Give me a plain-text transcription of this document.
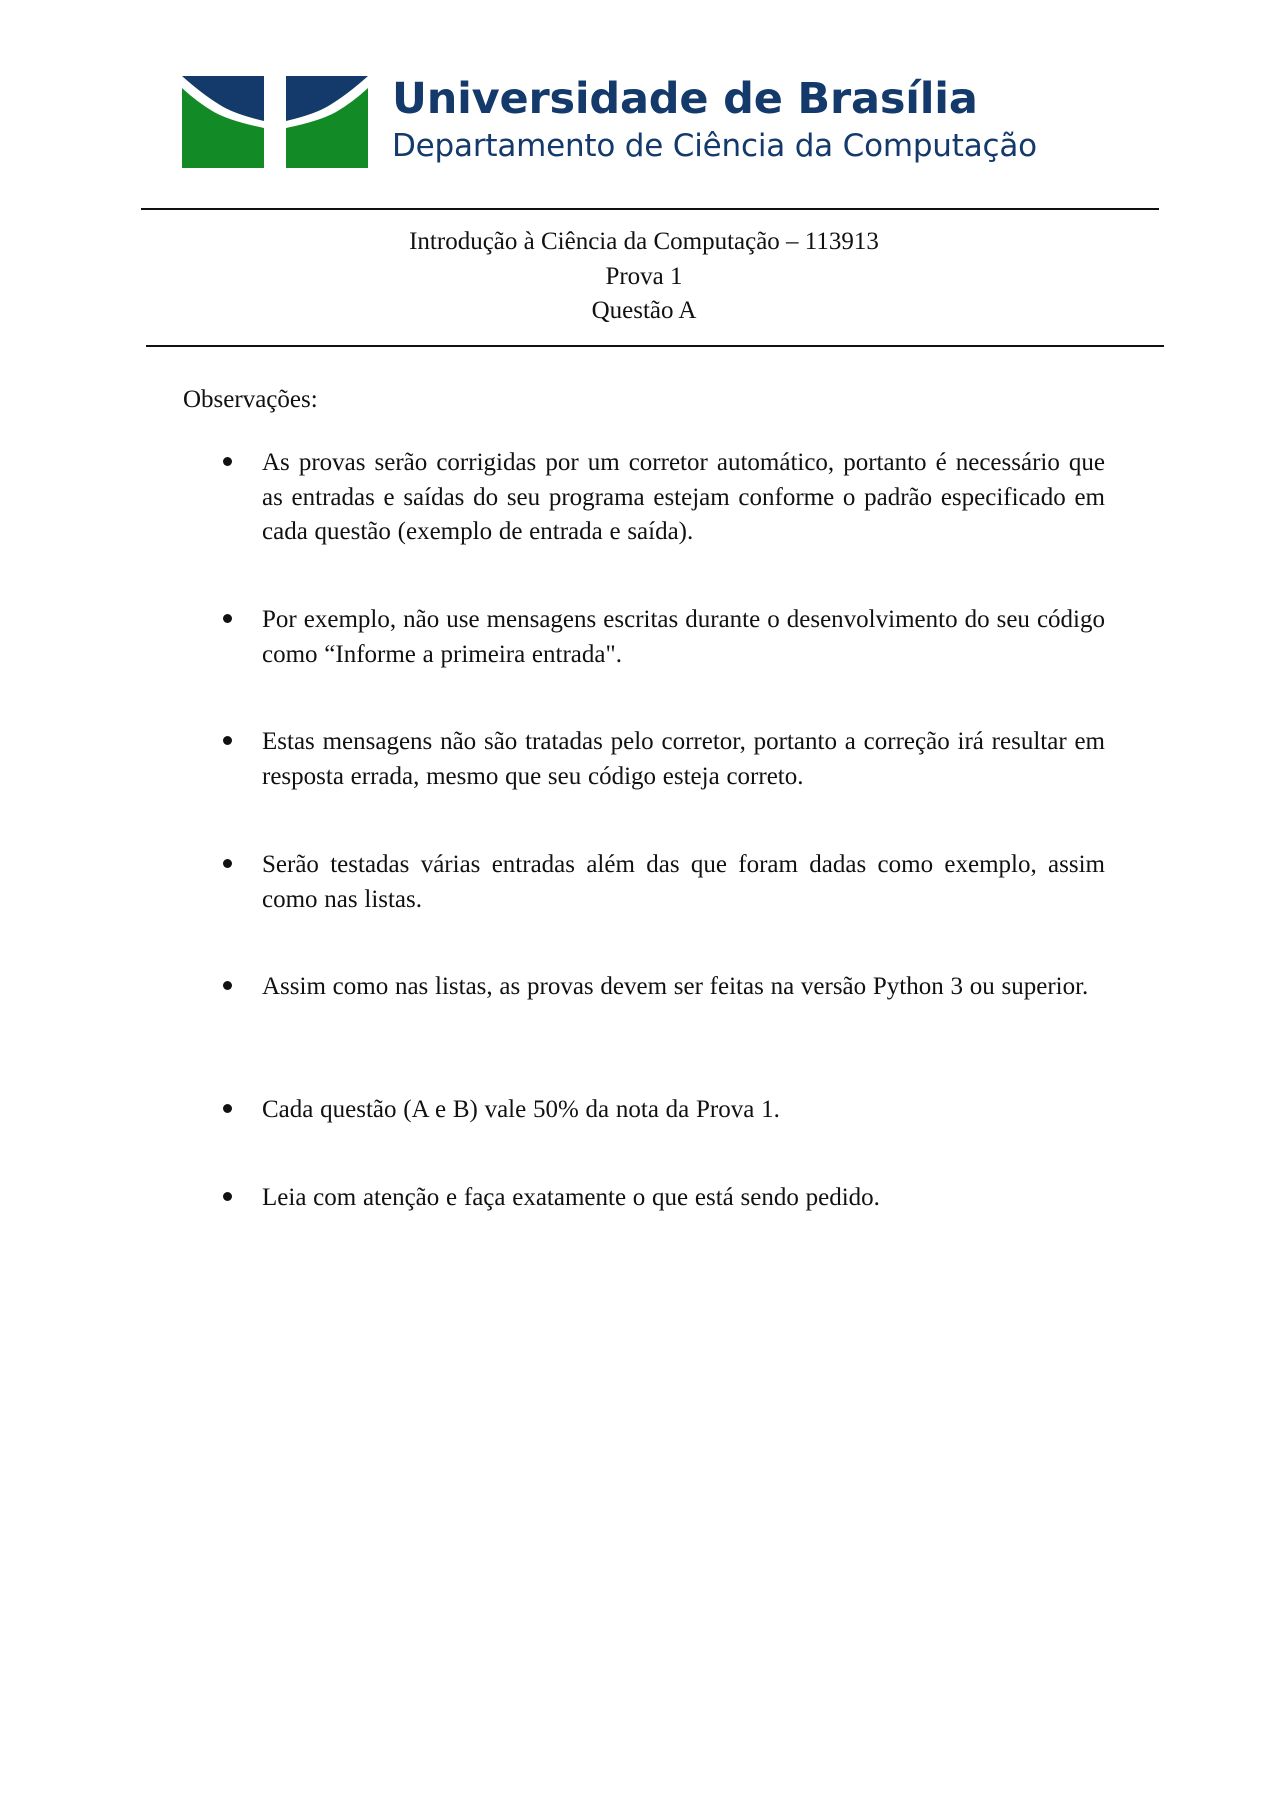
Universidade de Brasília
Departamento de Ciência da Computação
Introdução à Ciência da Computação – 113913
Prova 1
Questão A
Observações:

As provas serão corrigidas por um corretor automático, portanto é necessário que as entradas e saídas do seu programa estejam conforme o padrão especificado em cada questão (exemplo de entrada e saída).

Por exemplo, não use mensagens escritas durante o desenvolvimento do seu código como “Informe a primeira entrada".

Estas mensagens não são tratadas pelo corretor, portanto a correção irá resultar em resposta errada, mesmo que seu código esteja correto.

Serão testadas várias entradas além das que foram dadas como exemplo, assim como nas listas.

Assim como nas listas, as provas devem ser feitas na versão Python 3 ou superior.

Cada questão (A e B) vale 50% da nota da Prova 1.

Leia com atenção e faça exatamente o que está sendo pedido.
